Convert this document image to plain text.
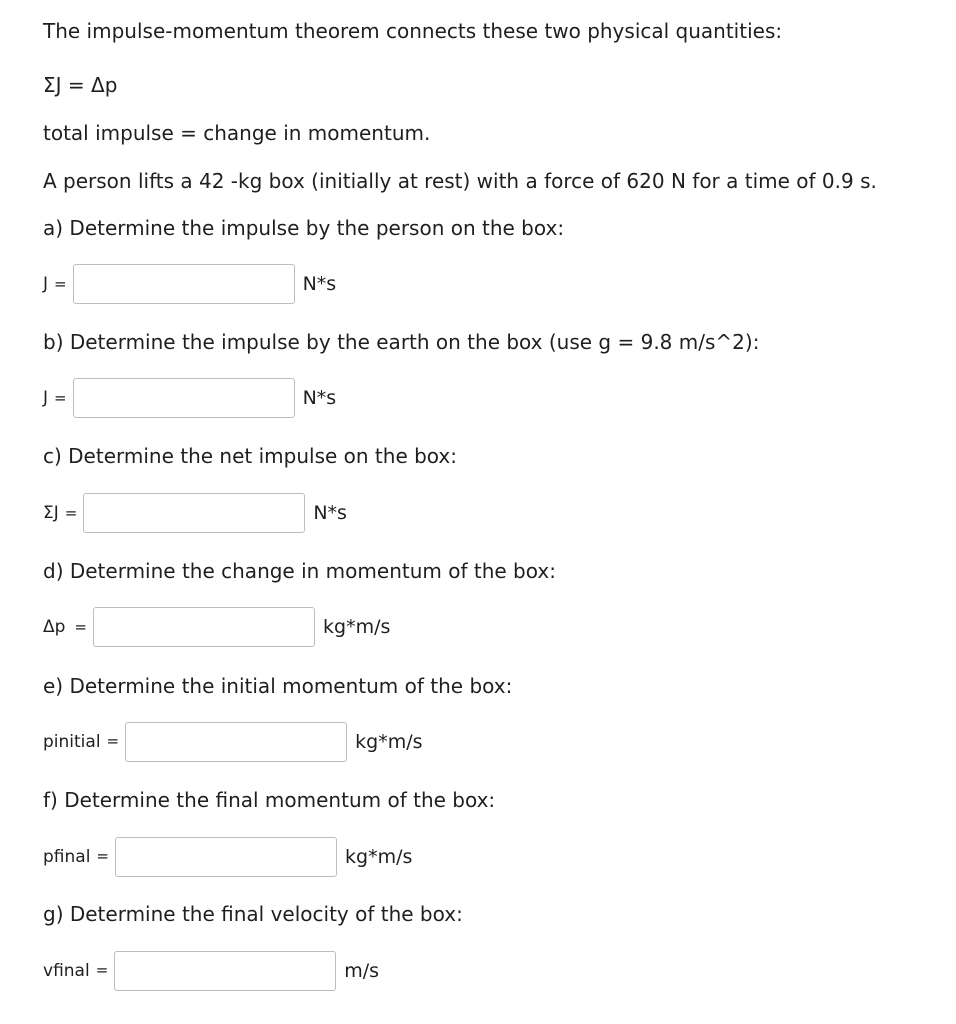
The impulse-momentum theorem connects these two physical quantities:
ΣJ = Δp
total impulse = change in momentum.
A person lifts a 42 -kg box (initially at rest) with a force of 620 N for a time of 0.9 s.
a) Determine the impulse by the person on the box:
J =	N*s
b) Determine the impulse by the earth on the box (use g = 9.8 m/s^2):
J =	N*s
c) Determine the net impulse on the box:
ΣJ =	N*s
d) Determine the change in momentum of the box:
Δp =	kg*m/s
e) Determine the initial momentum of the box:
p initial =	kg*m/s
f) Determine the final momentum of the box:
p final =	kg*m/s
g) Determine the final velocity of the box:
v final =	m/s
